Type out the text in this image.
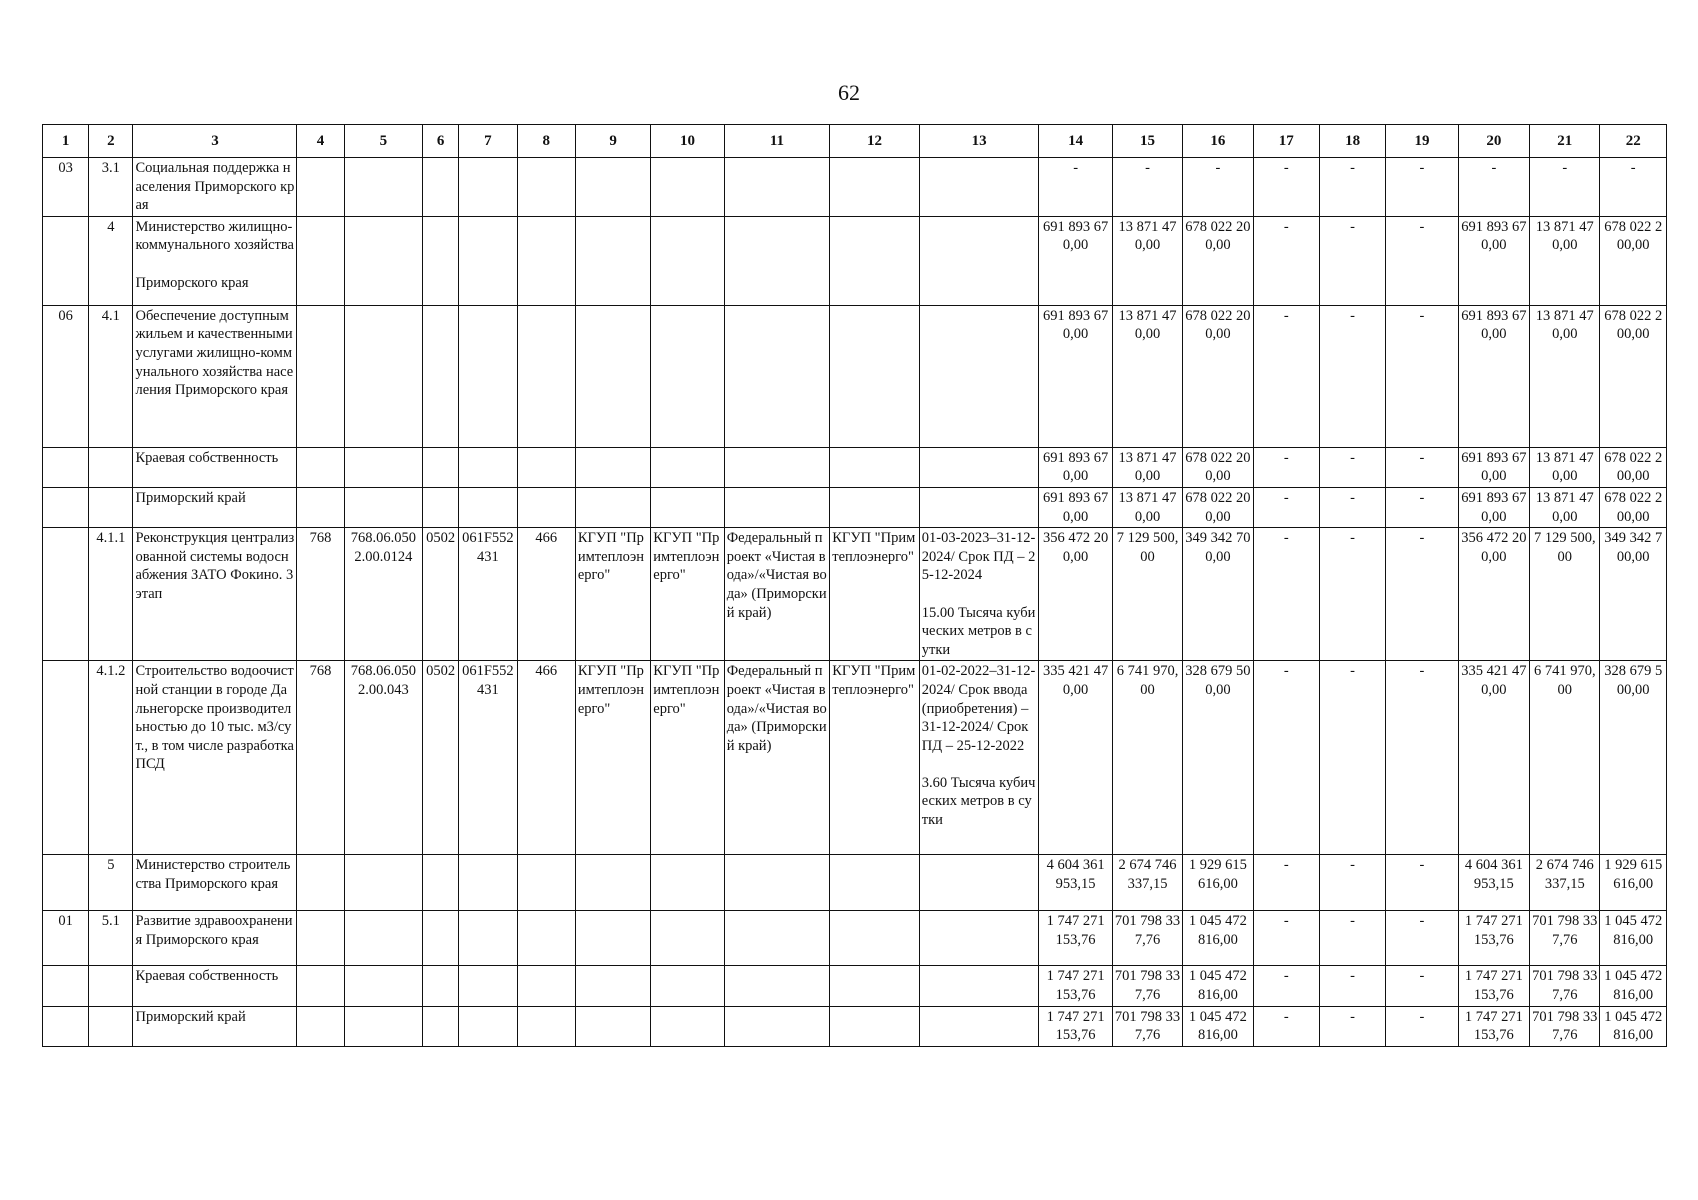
62
1	2	3	4	5	6	7	8	9	10	11	12	13	14	15	16	17	18	19	20	21	22
03	3.1	Социальная поддержка населения Приморского края											-	-	-	-	-	-	-	-	-
	4	Министерство жилищно-коммунального хозяйства

Приморского края											691 893 670,00	13 871 470,00	678 022 200,00	-	-	-	691 893 670,00	13 871 470,00	678 022 200,00
06	4.1	Обеспечение доступным жильем и качественными услугами жилищно-коммунального хозяйства населения Приморского края											691 893 670,00	13 871 470,00	678 022 200,00	-	-	-	691 893 670,00	13 871 470,00	678 022 200,00
		Краевая собственность											691 893 670,00	13 871 470,00	678 022 200,00	-	-	-	691 893 670,00	13 871 470,00	678 022 200,00
		Приморский край											691 893 670,00	13 871 470,00	678 022 200,00	-	-	-	691 893 670,00	13 871 470,00	678 022 200,00
	4.1.1	Реконструкция централизованной системы водоснабжения ЗАТО Фокино. 3 этап	768	768.06.0502.00.0124	0502	061F552431	466	КГУП "Примтеплоэнерго"	КГУП "Примтеплоэнерго"	Федеральный проект «Чистая вода»/«Чистая вода» (Приморский край)	КГУП "Примтеплоэнерго"	01-03-2023–31-12-2024/ Срок ПД – 25-12-2024

15.00 Тысяча кубических метров в сутки	356 472 200,00	7 129 500,00	349 342 700,00	-	-	-	356 472 200,00	7 129 500,00	349 342 700,00
	4.1.2	Строительство водоочистной станции в городе Дальнегорске производительностью до 10 тыс. м3/сут., в том числе разработка ПСД	768	768.06.0502.00.043	0502	061F552431	466	КГУП "Примтеплоэнерго"	КГУП "Примтеплоэнерго"	Федеральный проект «Чистая вода»/«Чистая вода» (Приморский край)	КГУП "Примтеплоэнерго"	01-02-2022–31-12-2024/ Срок ввода (приобретения) – 31-12-2024/ Срок ПД – 25-12-2022

3.60 Тысяча кубических метров в сутки	335 421 470,00	6 741 970,00	328 679 500,00	-	-	-	335 421 470,00	6 741 970,00	328 679 500,00
	5	Министерство строительства Приморского края											4 604 361 953,15	2 674 746 337,15	1 929 615 616,00	-	-	-	4 604 361 953,15	2 674 746 337,15	1 929 615 616,00
01	5.1	Развитие здравоохранения Приморского края											1 747 271 153,76	701 798 337,76	1 045 472 816,00	-	-	-	1 747 271 153,76	701 798 337,76	1 045 472 816,00
		Краевая собственность											1 747 271 153,76	701 798 337,76	1 045 472 816,00	-	-	-	1 747 271 153,76	701 798 337,76	1 045 472 816,00
		Приморский край											1 747 271 153,76	701 798 337,76	1 045 472 816,00	-	-	-	1 747 271 153,76	701 798 337,76	1 045 472 816,00
